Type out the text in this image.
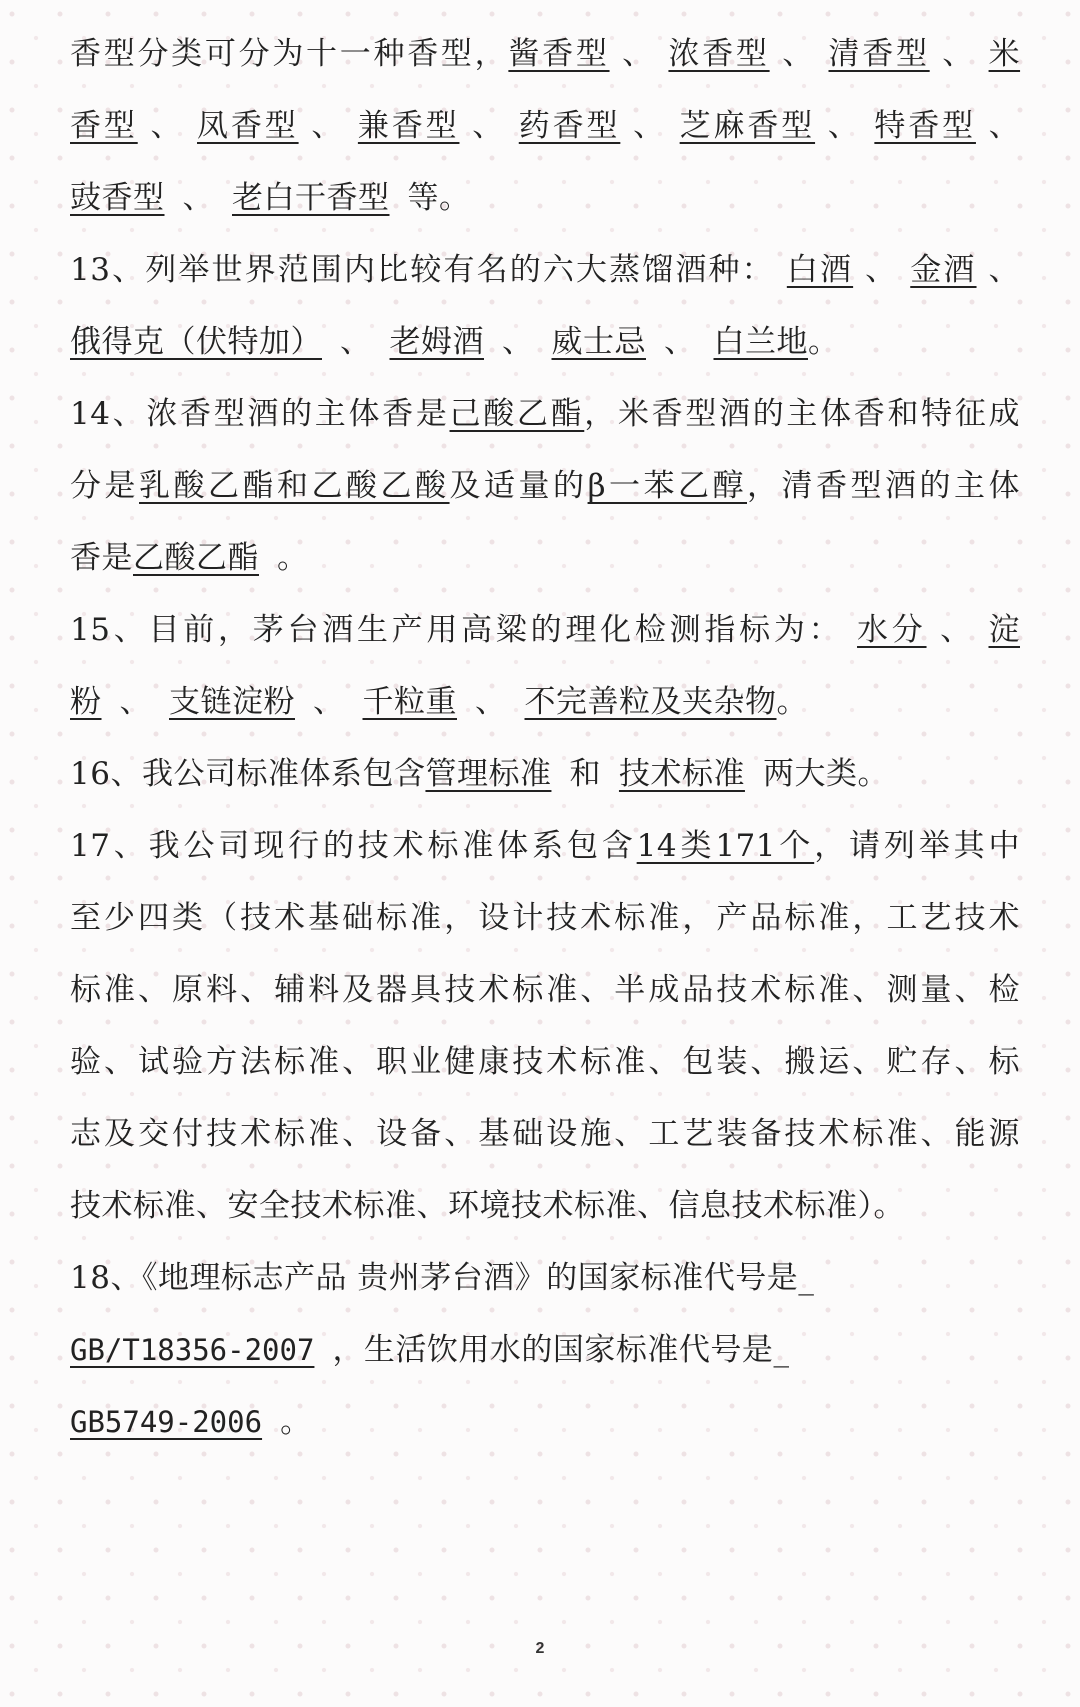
香型分类可分为十一种香型，酱香型 、 浓香型 、 清香型 、 米
香型 、 凤香型 、 兼香型 、 药香型 、 芝麻香型 、 特香型 、
豉香型 、 老白干香型 等。
13、列举世界范围内比较有名的六大蒸馏酒种： 白酒 、 金酒 、
俄得克（伏特加） 、 老姆酒 、 威士忌 、 白兰地。
14、浓香型酒的主体香是己酸乙酯，米香型酒的主体香和特征成
分是乳酸乙酯和乙酸乙酸及适量的β一苯乙醇，清香型酒的主体
香是乙酸乙酯 。
15、目前，茅台酒生产用高粱的理化检测指标为： 水分 、 淀
粉 、 支链淀粉 、 千粒重 、 不完善粒及夹杂物。
16、我公司标准体系包含管理标准 和 技术标准 两大类。
17、我公司现行的技术标准体系包含14类171个，请列举其中
至少四类（技术基础标准，设计技术标准，产品标准，工艺技术
标准、原料、辅料及器具技术标准、半成品技术标准、测量、检
验、试验方法标准、职业健康技术标准、包装、搬运、贮存、标
志及交付技术标准、设备、基础设施、工艺装备技术标准、能源
技术标准、安全技术标准、环境技术标准、信息技术标准）。
18、《地理标志产品 贵州茅台酒》的国家标准代号是_
GB/T18356-2007 ，生活饮用水的国家标准代号是_
GB5749-2006 。
2
